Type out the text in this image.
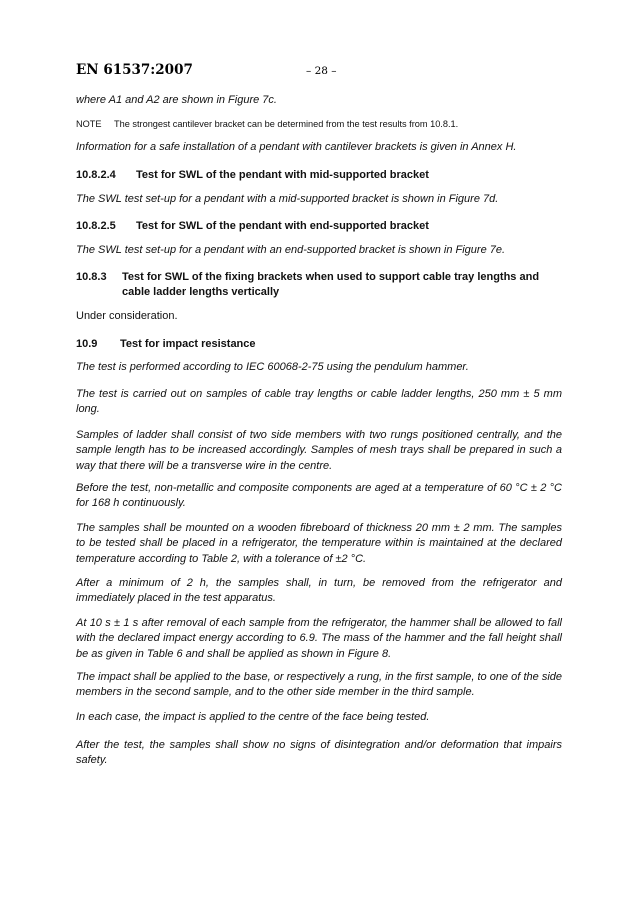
EN 61537:2007	– 28 –

where A1 and A2 are shown in Figure 7c.

NOTE The strongest cantilever bracket can be determined from the test results from 10.8.1.

Information for a safe installation of a pendant with cantilever brackets is given in Annex H.

10.8.2.4 Test for SWL of the pendant with mid-supported bracket

The SWL test set-up for a pendant with a mid-supported bracket is shown in Figure 7d.

10.8.2.5 Test for SWL of the pendant with end-supported bracket

The SWL test set-up for a pendant with an end-supported bracket is shown in Figure 7e.

10.8.3	Test for SWL of the fixing brackets when used to support cable tray lengths and cable ladder lengths vertically

Under consideration.

10.9 Test for impact resistance

The test is performed according to IEC 60068-2-75 using the pendulum hammer.

The test is carried out on samples of cable tray lengths or cable ladder lengths, 250 mm ± 5 mm long.

Samples of ladder shall consist of two side members with two rungs positioned centrally, and the sample length has to be increased accordingly. Samples of mesh trays shall be prepared in such a way that there will be a transverse wire in the centre.

Before the test, non-metallic and composite components are aged at a temperature of 60 °C ± 2 °C for 168 h continuously.

The samples shall be mounted on a wooden fibreboard of thickness 20 mm ± 2 mm. The samples to be tested shall be placed in a refrigerator, the temperature within is maintained at the declared temperature according to Table 2, with a tolerance of ±2 °C.

After a minimum of 2 h, the samples shall, in turn, be removed from the refrigerator and immediately placed in the test apparatus.

At 10 s ± 1 s after removal of each sample from the refrigerator, the hammer shall be allowed to fall with the declared impact energy according to 6.9. The mass of the hammer and the fall height shall be as given in Table 6 and shall be applied as shown in Figure 8.

The impact shall be applied to the base, or respectively a rung, in the first sample, to one of the side members in the second sample, and to the other side member in the third sample.

In each case, the impact is applied to the centre of the face being tested.

After the test, the samples shall show no signs of disintegration and/or deformation that impairs safety.
